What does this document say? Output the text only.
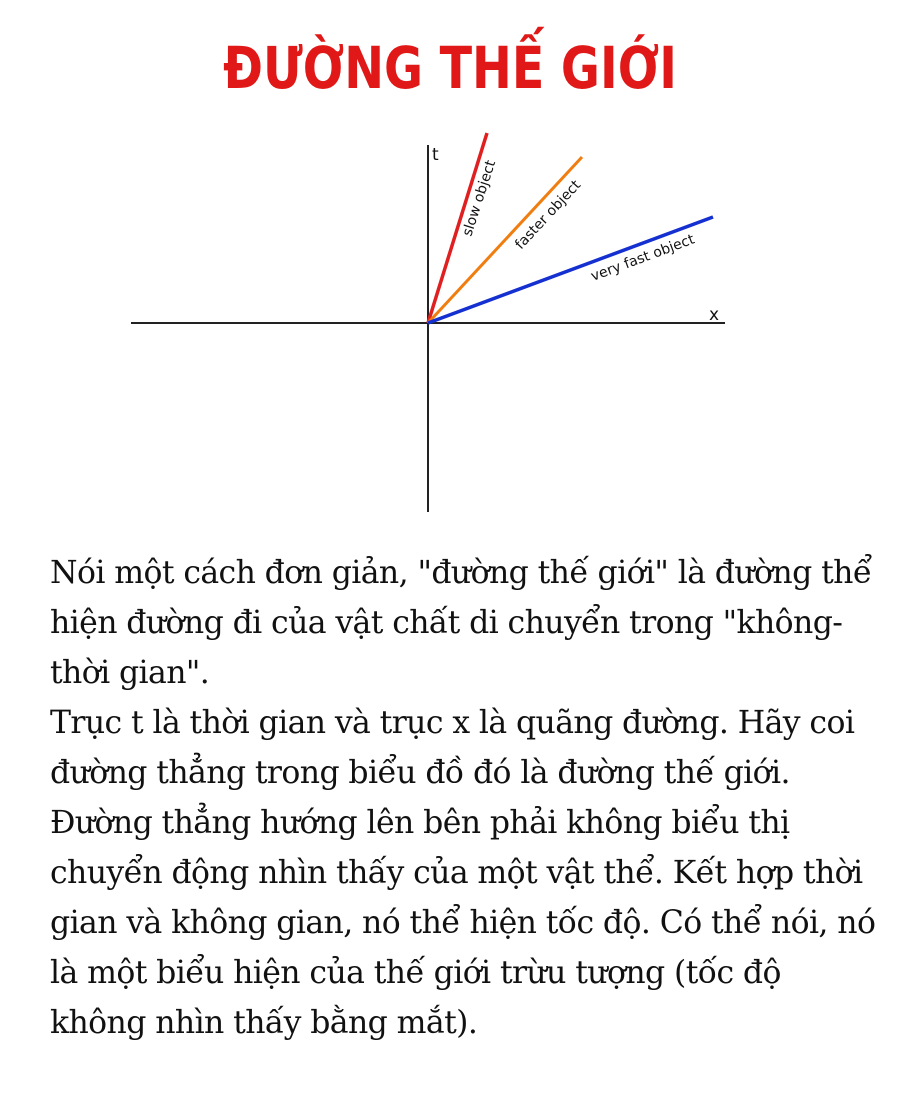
ĐƯỜNG THẾ GIỚI
t
x
slow object faster object
very fast object

Nói một cách đơn giản, "đường thế giới" là đường thể hiện đường đi của vật chất di chuyển trong "không-thời gian".

Trục t là thời gian và trục x là quãng đường. Hãy coi đường thẳng trong biểu đồ đó là đường thế giới. Đường thẳng hướng lên bên phải không biểu thị chuyển động nhìn thấy của một vật thể. Kết hợp thời gian và không gian, nó thể hiện tốc độ. Có thể nói, nó là một biểu hiện của thế giới trừu tượng (tốc độ không nhìn thấy bằng mắt).
